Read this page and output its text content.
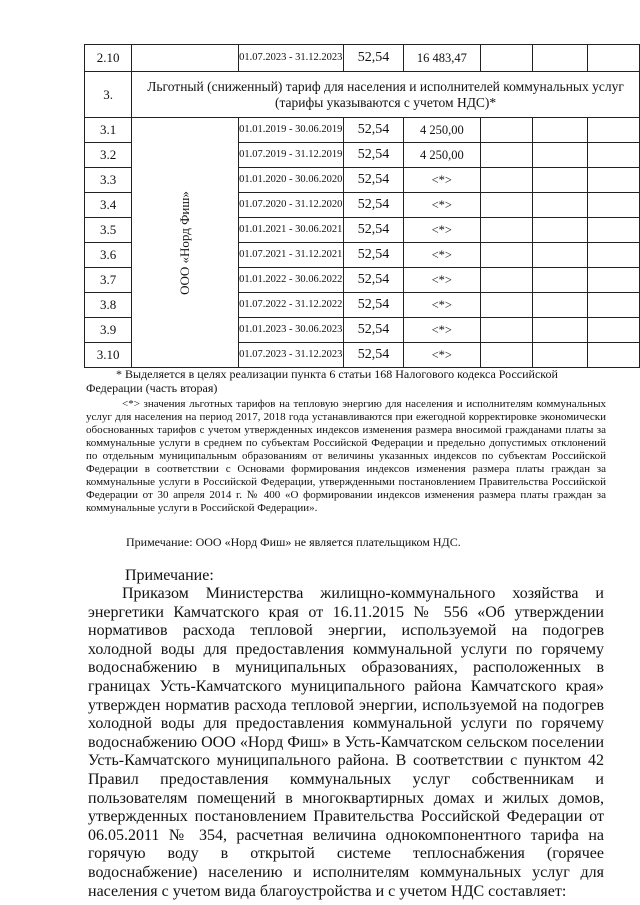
2.10		01.07.2023 - 31.12.2023	52,54	16 483,47			
3.	Льготный (сниженный) тариф для населения и исполнителей коммунальных услуг (тарифы указываются с учетом НДС)*						
3.1	ООО «Норд Фиш»	01.01.2019 - 30.06.2019	52,54	4 250,00			
3.2		01.07.2019 - 31.12.2019	52,54	4 250,00			
3.3		01.01.2020 - 30.06.2020	52,54	<*>			
3.4		01.07.2020 - 31.12.2020	52,54	<*>			
3.5		01.01.2021 - 30.06.2021	52,54	<*>			
3.6		01.07.2021 - 31.12.2021	52,54	<*>			
3.7		01.01.2022 - 30.06.2022	52,54	<*>			
3.8		01.07.2022 - 31.12.2022	52,54	<*>			
3.9		01.01.2023 - 30.06.2023	52,54	<*>			
3.10		01.07.2023 - 31.12.2023	52,54	<*>			
* Выделяется в целях реализации пункта 6 статьи 168 Налогового кодекса Российской Федерации (часть вторая)
<*> значения льготных тарифов на тепловую энергию для населения и исполнителям коммунальных услуг для населения на период 2017, 2018 года устанавливаются при ежегодной корректировке экономически обоснованных тарифов с учетом утвержденных индексов изменения размера вносимой гражданами платы за коммунальные услуги в среднем по субъектам Российской Федерации и предельно допустимых отклонений по отдельным муниципальным образованиям от величины указанных индексов по субъектам Российской Федерации в соответствии с Основами формирования индексов изменения размера платы граждан за коммунальные услуги в Российской Федерации, утвержденными постановлением Правительства Российской Федерации от 30 апреля 2014 г. № 400 «О формировании индексов изменения размера платы граждан за коммунальные услуги в Российской Федерации».
Примечание: ООО «Норд Фиш» не является плательщиком НДС.
Примечание:
Приказом Министерства жилищно-коммунального хозяйства и энергетики Камчатского края от 16.11.2015 № 556 «Об утверждении нормативов расхода тепловой энергии, используемой на подогрев холодной воды для предоставления коммунальной услуги по горячему водоснабжению в муниципальных образованиях, расположенных в границах Усть-Камчатского муниципального района Камчатского края» утвержден норматив расхода тепловой энергии, используемой на подогрев холодной воды для предоставления коммунальной услуги по горячему водоснабжению ООО «Норд Фиш» в Усть-Камчатском сельском поселении Усть-Камчатского муниципального района. В соответствии с пунктом 42 Правил предоставления коммунальных услуг собственникам и пользователям помещений в многоквартирных домах и жилых домов, утвержденных постановлением Правительства Российской Федерации от 06.05.2011 № 354, расчетная величина однокомпонентного тарифа на горячую воду в открытой системе теплоснабжения (горячее водоснабжение) населению и исполнителям коммунальных услуг для населения с учетом вида благоустройства и с учетом НДС составляет:
